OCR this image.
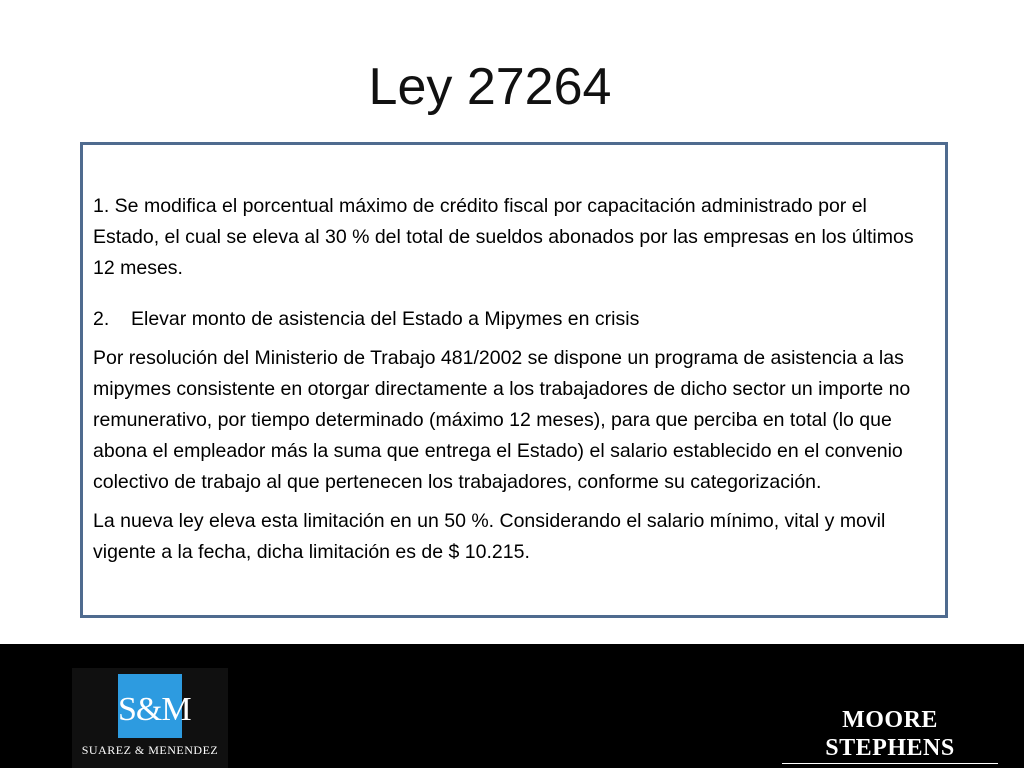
Ley 27264

1. Se modifica el porcentual máximo de crédito fiscal por capacitación administrado por el Estado, el cual se eleva al 30 % del total de sueldos abonados por las empresas en los últimos 12 meses.

2. Elevar monto de asistencia del Estado a Mipymes en crisis

Por resolución del Ministerio de Trabajo 481/2002 se dispone un programa de asistencia a las mipymes consistente en otorgar directamente a los trabajadores de dicho sector un importe no remunerativo, por tiempo determinado (máximo 12 meses), para que perciba en total (lo que abona el empleador más la suma que entrega el Estado) el salario establecido en el convenio colectivo de trabajo al que pertenecen los trabajadores, conforme su categorización.

La nueva ley eleva esta limitación en un 50 %. Considerando el salario mínimo, vital y movil vigente a la fecha, dicha limitación es de $ 10.215.

S&M
SUAREZ & MENENDEZ
MOORE STEPHENS
CHARTERED ACCOUNTANTS
